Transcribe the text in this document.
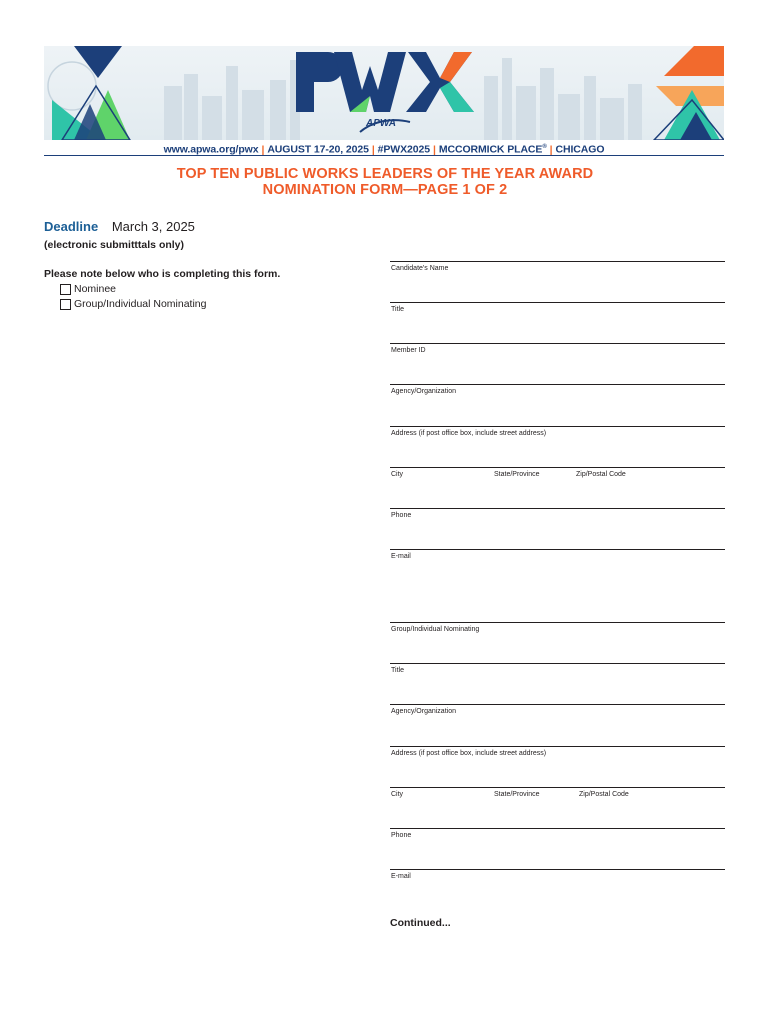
APWA
www.apwa.org/pwx | AUGUST 17-20, 2025 | #PWX2025 | MCCORMICK PLACE® | CHICAGO
TOP TEN PUBLIC WORKS LEADERS OF THE YEAR AWARD
NOMINATION FORM—PAGE 1 OF 2
Deadline March 3, 2025
(electronic submitttals only)
Please note below who is completing this form.
Nominee
Group/Individual Nominating
Candidate's Name
Title
Member ID
Agency/Organization
Address (if post office box, include street address)
City	State/Province	Zip/Postal Code
Phone
E-mail
Group/Individual Nominating
Title
Agency/Organization
Address (if post office box, include street address)
City	State/Province	Zip/Postal Code
Phone
E-mail
Continued...
